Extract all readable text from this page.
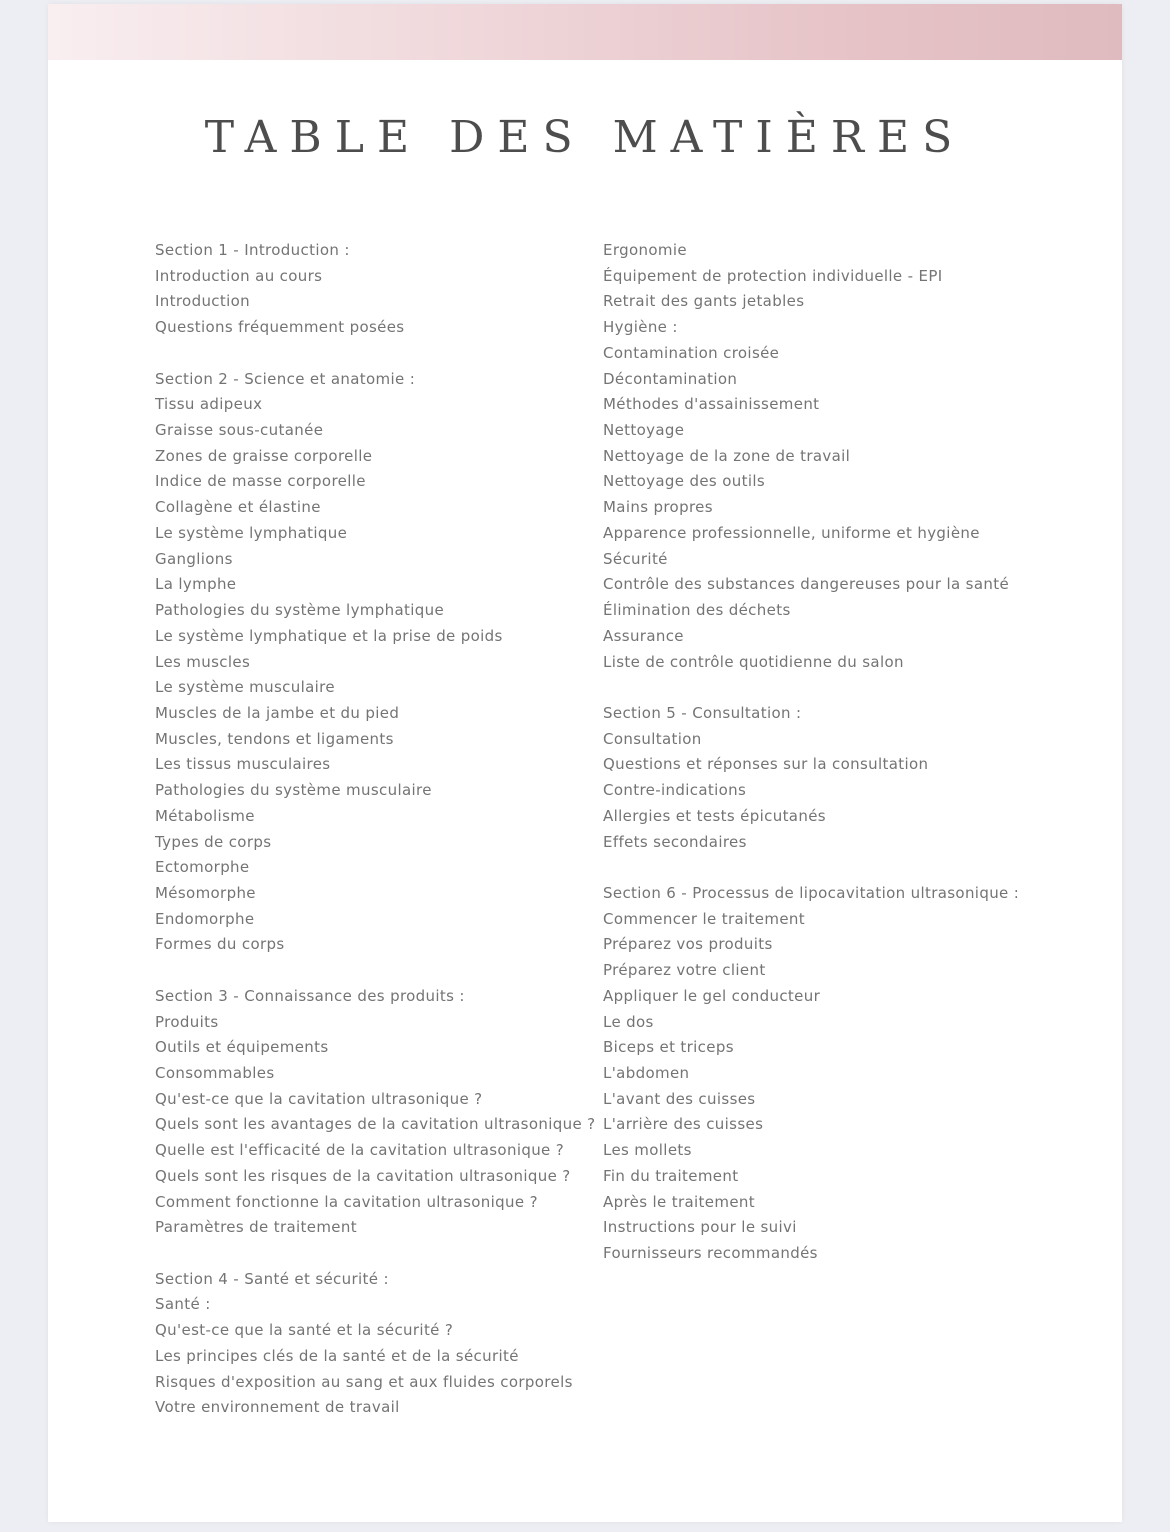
TABLE DES MATIÈRES

Section 1 - Introduction :

Introduction au cours

Introduction

Questions fréquemment posées

Section 2 - Science et anatomie :

Tissu adipeux

Graisse sous-cutanée

Zones de graisse corporelle

Indice de masse corporelle

Collagène et élastine

Le système lymphatique

Ganglions

La lymphe

Pathologies du système lymphatique

Le système lymphatique et la prise de poids

Les muscles

Le système musculaire

Muscles de la jambe et du pied

Muscles, tendons et ligaments

Les tissus musculaires

Pathologies du système musculaire

Métabolisme

Types de corps

Ectomorphe

Mésomorphe

Endomorphe

Formes du corps

Section 3 - Connaissance des produits :

Produits

Outils et équipements

Consommables

Qu'est-ce que la cavitation ultrasonique ?

Quels sont les avantages de la cavitation ultrasonique ?

Quelle est l'efficacité de la cavitation ultrasonique ?

Quels sont les risques de la cavitation ultrasonique ?

Comment fonctionne la cavitation ultrasonique ?

Paramètres de traitement

Section 4 - Santé et sécurité :

Santé :

Qu'est-ce que la santé et la sécurité ?

Les principes clés de la santé et de la sécurité

Risques d'exposition au sang et aux fluides corporels

Votre environnement de travail

Ergonomie

Équipement de protection individuelle - EPI

Retrait des gants jetables

Hygiène :

Contamination croisée

Décontamination

Méthodes d'assainissement

Nettoyage

Nettoyage de la zone de travail

Nettoyage des outils

Mains propres

Apparence professionnelle, uniforme et hygiène

Sécurité

Contrôle des substances dangereuses pour la santé

Élimination des déchets

Assurance

Liste de contrôle quotidienne du salon

Section 5 - Consultation :

Consultation

Questions et réponses sur la consultation

Contre-indications

Allergies et tests épicutanés

Effets secondaires

Section 6 - Processus de lipocavitation ultrasonique :

Commencer le traitement

Préparez vos produits

Préparez votre client

Appliquer le gel conducteur

Le dos

Biceps et triceps

L'abdomen

L'avant des cuisses

L'arrière des cuisses

Les mollets

Fin du traitement

Après le traitement

Instructions pour le suivi

Fournisseurs recommandés
